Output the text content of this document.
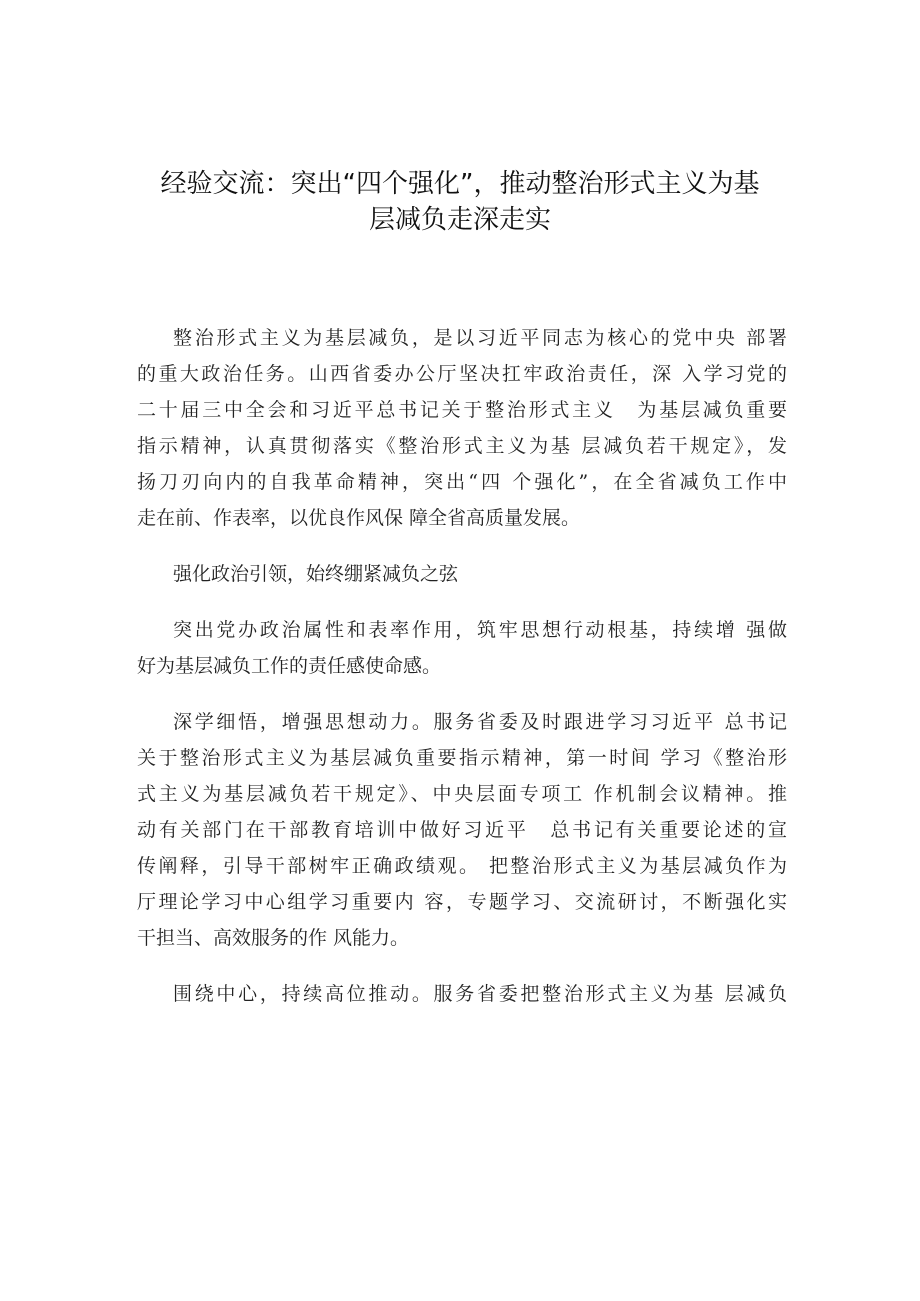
经验交流：突出“四个强化”，推动整治形式主义为基
层减负走深走实
整治形式主义为基层减负，是以习近平同志为核心的党中央 部署
的重大政治任务。山西省委办公厅坚决扛牢政治责任，深 入学习党的
二十届三中全会和习近平总书记关于整治形式主义　为基层减负重要
指示精神，认真贯彻落实《整治形式主义为基 层减负若干规定》，发
扬刀刃向内的自我革命精神，突出“四 个强化”，在全省减负工作中
走在前、作表率，以优良作风保 障全省高质量发展。
强化政治引领，始终绷紧减负之弦
突出党办政治属性和表率作用，筑牢思想行动根基，持续增 强做
好为基层减负工作的责任感使命感。
深学细悟，增强思想动力。服务省委及时跟进学习习近平 总书记
关于整治形式主义为基层减负重要指示精神，第一时间 学习《整治形
式主义为基层减负若干规定》、中央层面专项工 作机制会议精神。推
动有关部门在干部教育培训中做好习近平　总书记有关重要论述的宣
传阐释，引导干部树牢正确政绩观。 把整治形式主义为基层减负作为
厅理论学习中心组学习重要内 容，专题学习、交流研讨，不断强化实
干担当、高效服务的作 风能力。
围绕中心，持续高位推动。服务省委把整治形式主义为基 层减负
